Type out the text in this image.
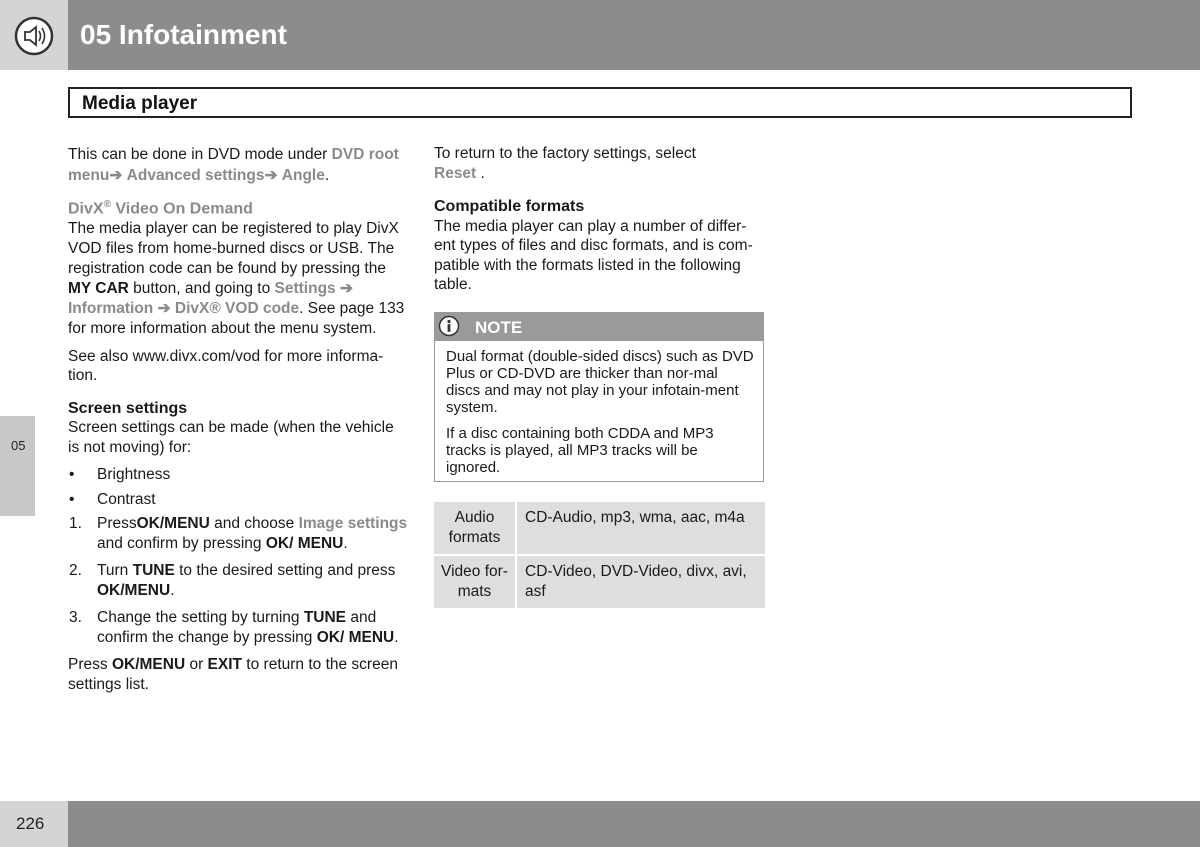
05 Infotainment
Media player
05

This can be done in DVD mode under DVD root menu➔ Advanced settings➔ Angle.

DivX® Video On Demand

The media player can be registered to play DivX VOD files from home-burned discs or USB. The registration code can be found by pressing the MY CAR button, and going to Settings ➔ Information ➔ DivX® VOD code. See page 133 for more information about the menu system.

See also www.divx.com/vod for more informa-tion.

Screen settings

Screen settings can be made (when the vehicle is not moving) for:

• Brightness
• Contrast
1. PressOK/MENU and choose Image settings and confirm by pressing OK/ MENU.
2. Turn TUNE to the desired setting and press OK/MENU.
3. Change the setting by turning TUNE and confirm the change by pressing OK/ MENU.

Press OK/MENU or EXIT to return to the screen settings list.

To return to the factory settings, select
Reset .

Compatible formats

The media player can play a number of differ-ent types of files and disc formats, and is com-patible with the formats listed in the following table.

NOTE
Dual format (double-sided discs) such as DVD Plus or CD-DVD are thicker than nor-mal discs and may not play in your infotain-ment system.
If a disc containing both CDDA and MP3 tracks is played, all MP3 tracks will be ignored.
Audio formats	CD-Audio, mp3, wma, aac, m4a
Video for-mats	CD-Video, DVD-Video, divx, avi, asf
226
